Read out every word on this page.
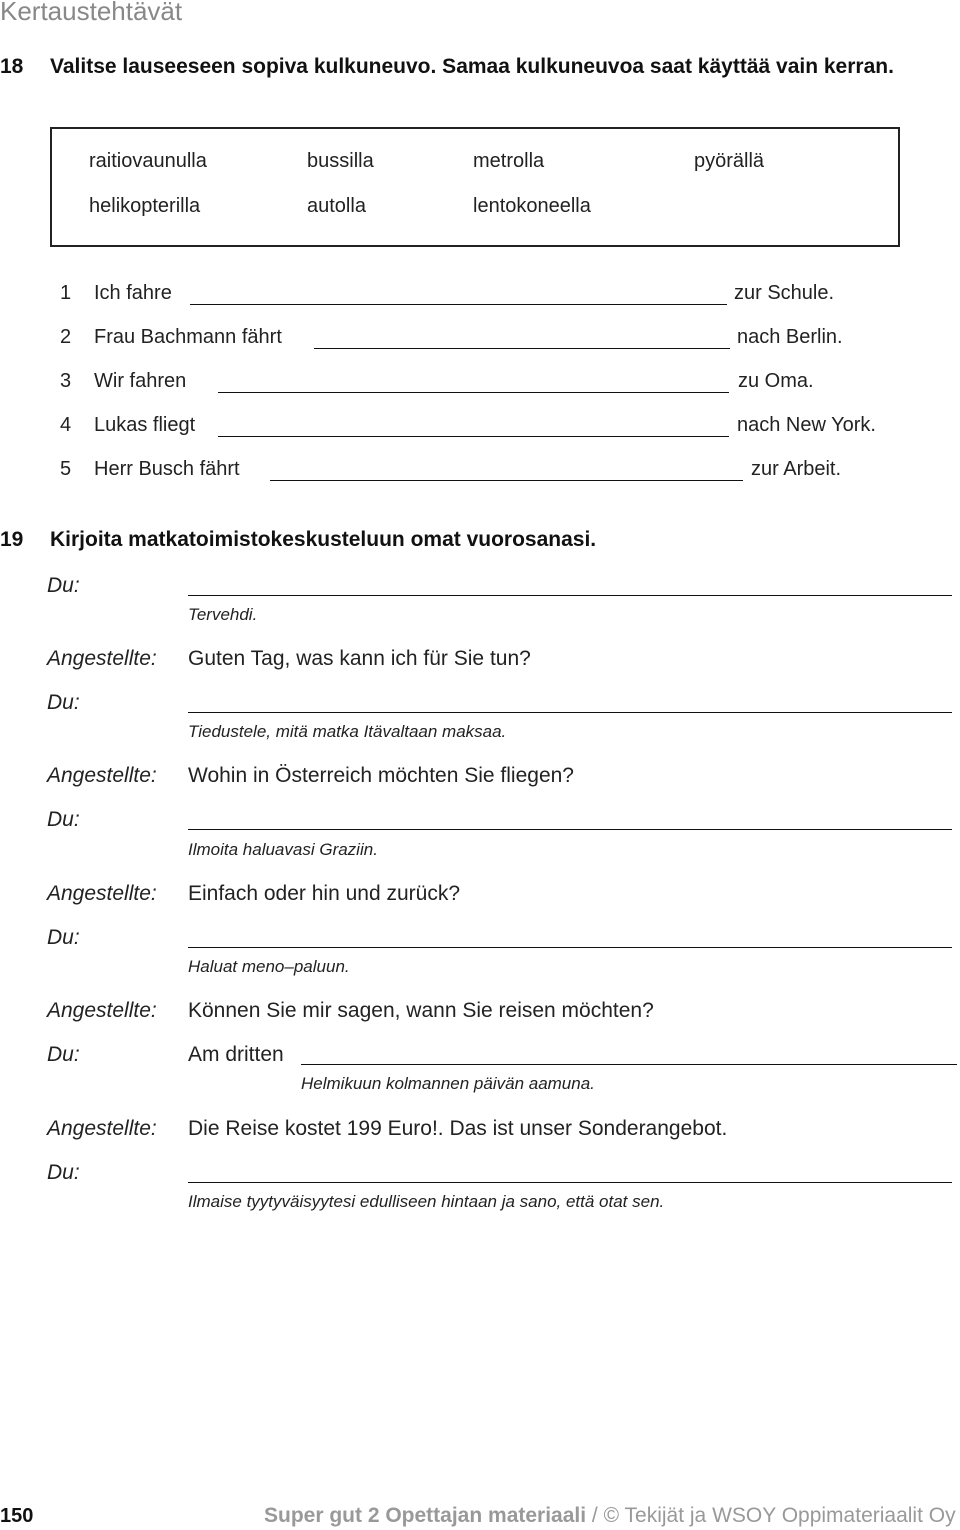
Kertaustehtävät
18 Valitse lauseeseen sopiva kulkuneuvo. Samaa kulkuneuvoa saat käyttää vain kerran.
raitiovaunulla	bussilla	metrolla	pyörällä
helikopterilla	autolla	lentokoneella
1 Ich fahre	zur Schule.
2 Frau Bachmann fährt	nach Berlin.
3 Wir fahren	zu Oma.
4 Lukas fliegt	nach New York.
5 Herr Busch fährt	zur Arbeit.
19 Kirjoita matkatoimistokeskusteluun omat vuorosanasi.
Du:
Tervehdi.
Angestellte: Guten Tag, was kann ich für Sie tun?
Du:
Tiedustele, mitä matka Itävaltaan maksaa.
Angestellte: Wohin in Österreich möchten Sie fliegen?
Du:
Ilmoita haluavasi Graziin.
Angestellte: Einfach oder hin und zurück?
Du:
Haluat meno–paluun.
Angestellte: Können Sie mir sagen, wann Sie reisen möchten?
Du:	Am dritten
Helmikuun kolmannen päivän aamuna.
Angestellte: Die Reise kostet 199 Euro!. Das ist unser Sonderangebot.
Du:
Ilmaise tyytyväisyytesi edulliseen hintaan ja sano, että otat sen.
150	Super gut 2 Opettajan materiaali / © Tekijät ja WSOY Oppimateriaalit Oy
